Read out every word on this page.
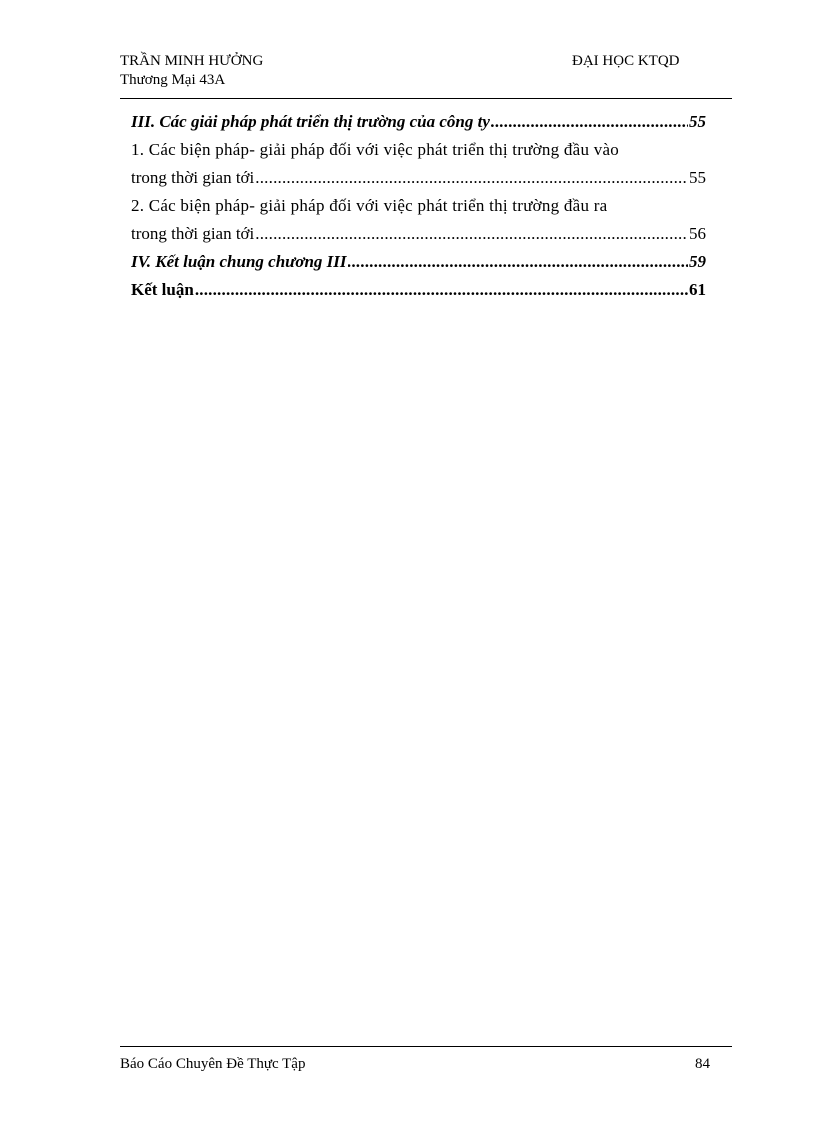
TRẦN MINH HƯỞNG
Thương Mại 43A
ĐẠI HỌC KTQD
III. Các giải pháp phát triển thị trường của công ty .....	55
1. Các biện pháp- giải pháp đối với việc phát triển thị trường đầu vào
trong thời gian tới .....	55
2. Các biện pháp- giải pháp đối với việc phát triển thị trường đầu ra
trong thời gian tới .....	56
IV. Kết luận chung chương III .....	59
Kết luận .....	61
Báo Cáo Chuyên Đề Thực Tập	84
